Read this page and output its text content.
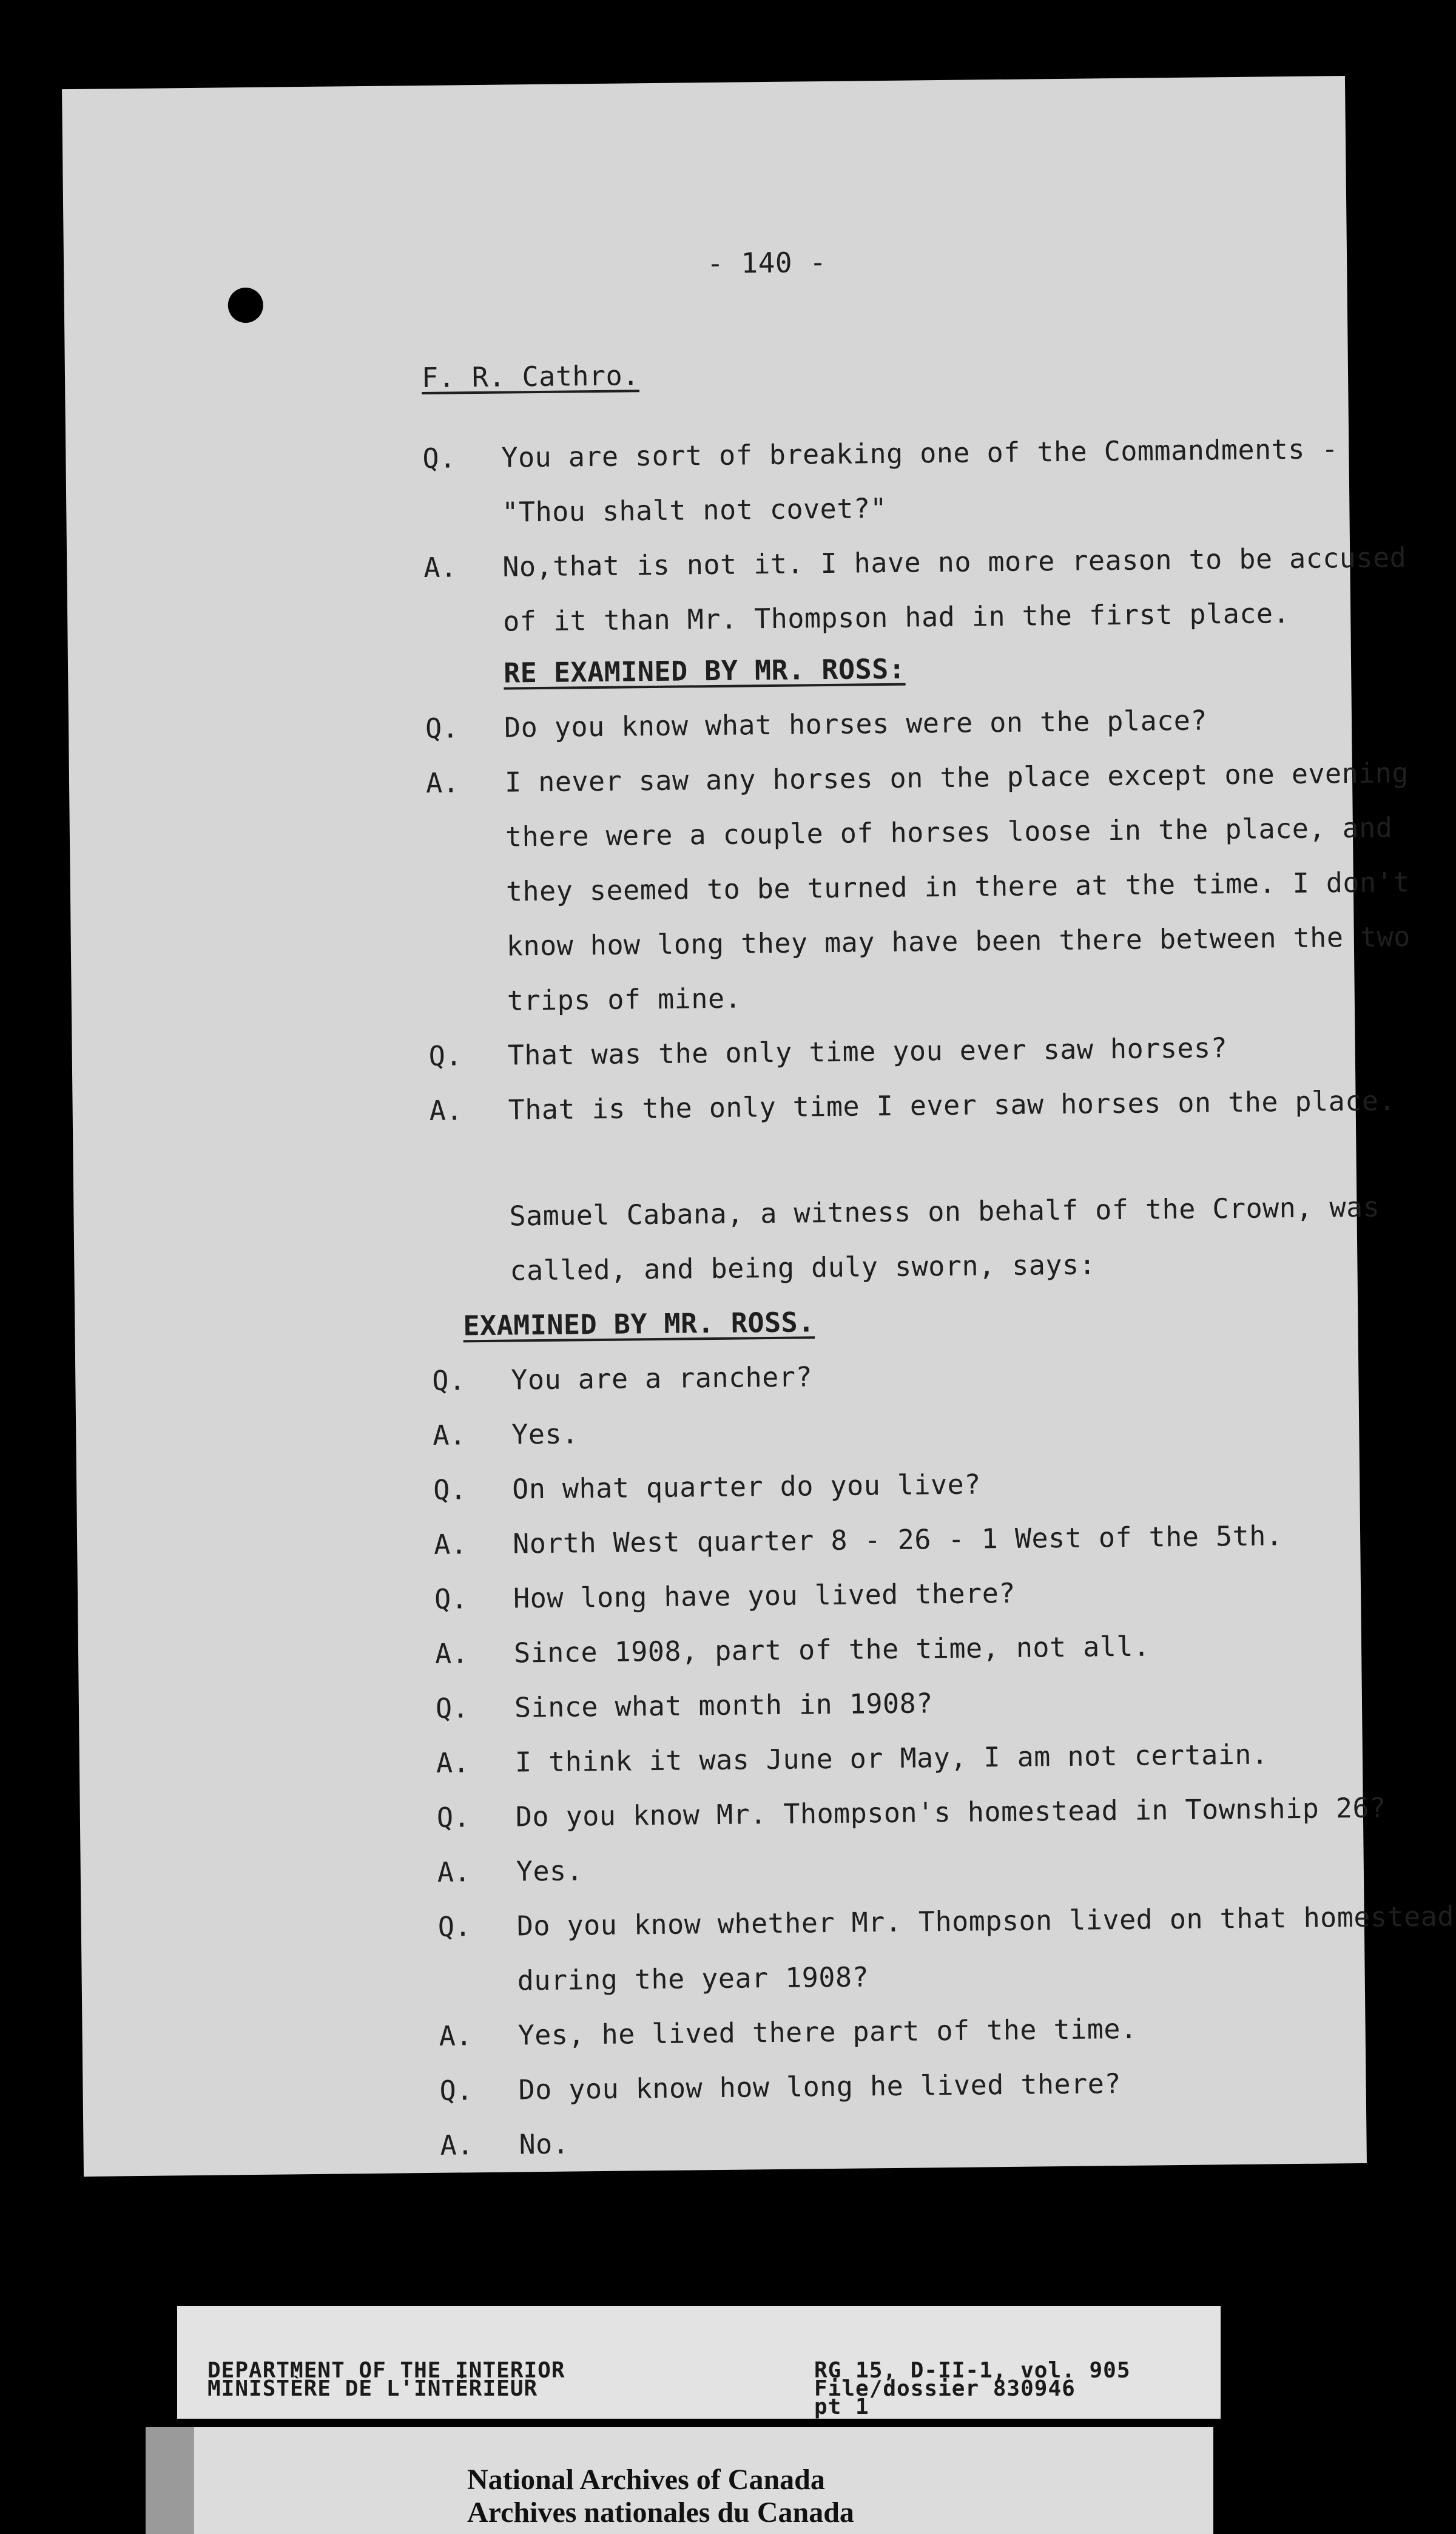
- 140 -
F. R. Cathro.
Q.	You are sort of breaking one of the Commandments -
"Thou shalt not covet?"
A.	No,that is not it. I have no more reason to be accused
of it than Mr. Thompson had in the first place.
RE EXAMINED BY MR. ROSS:
Q.	Do you know what horses were on the place?
A.	I never saw any horses on the place except one evening
there were a couple of horses loose in the place, and
they seemed to be turned in there at the time. I don't
know how long they may have been there between the two
trips of mine.
Q.	That was the only time you ever saw horses?
A.	That is the only time I ever saw horses on the place.
Samuel Cabana, a witness on behalf of the Crown, was
called, and being duly sworn, says:
EXAMINED BY MR. ROSS.
Q.	You are a rancher?
A.	Yes.
Q.	On what quarter do you live?
A.	North West quarter 8 - 26 - 1 West of the 5th.
Q.	How long have you lived there?
A.	Since 1908, part of the time, not all.
Q.	Since what month in 1908?
A.	I think it was June or May, I am not certain.
Q.	Do you know Mr. Thompson's homestead in Township 26?
A.	Yes.
Q.	Do you know whether Mr. Thompson lived on that homestead
during the year 1908?
A.	Yes, he lived there part of the time.
Q.	Do you know how long he lived there?
A.	No.
DEPARTMENT OF THE INTERIOR
MINISTÈRE DE L'INTÉRIEUR
RG 15, D-II-1, vol. 905
File/dossier 830946
pt 1
National Archives of Canada
Archives nationales du Canada
